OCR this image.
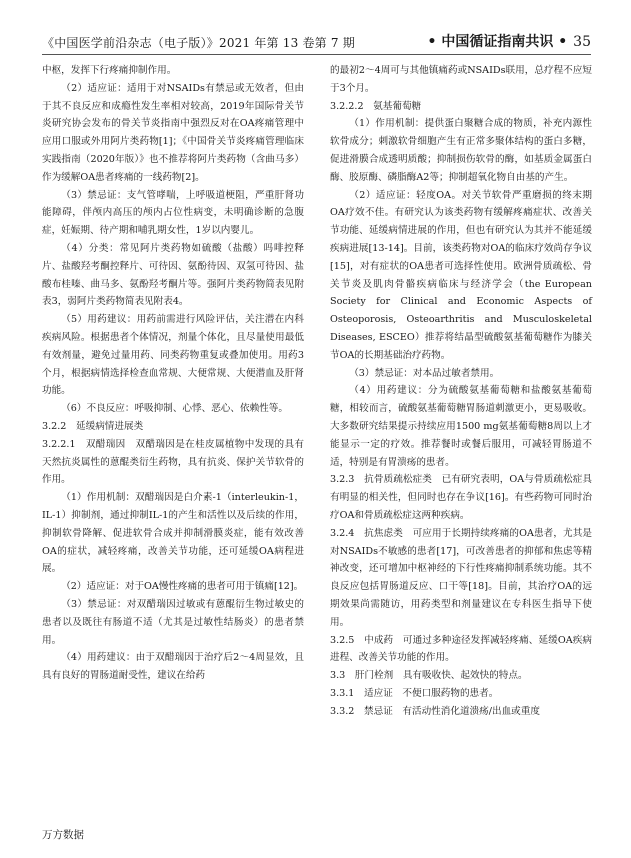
《中国医学前沿杂志（电子版）》2021 年第 13 卷第 7 期	• 中国循证指南共识 • 35

中枢，发挥下行疼痛抑制作用。

（2）适应证：适用于对NSAIDs有禁忌或无效者，但由于其不良反应和成瘾性发生率相对较高，2019年国际骨关节炎研究协会发布的骨关节炎指南中强烈反对在OA疼痛管理中应用口服或外用阿片类药物[1]；《中国骨关节炎疼痛管理临床实践指南（2020年版）》也不推荐将阿片类药物（含曲马多）作为缓解OA患者疼痛的一线药物[2]。

（3）禁忌证：支气管哮喘，上呼吸道梗阻，严重肝肾功能障碍，伴颅内高压的颅内占位性病变，未明确诊断的急腹症，妊娠期、待产期和哺乳期女性，1岁以内婴儿。

（4）分类：常见阿片类药物如硫酸（盐酸）吗啡控释片、盐酸羟考酮控释片、可待因、氨酚待因、双氢可待因、盐酸布桂嗪、曲马多、氨酚羟考酮片等。强阿片类药物简表见附表3，弱阿片类药物简表见附表4。

（5）用药建议：用药前需进行风险评估，关注潜在内科疾病风险。根据患者个体情况，剂量个体化，且尽量使用最低有效剂量，避免过量用药、同类药物重复或叠加使用。用药3个月，根据病情选择检查血常规、大便常规、大便潜血及肝肾功能。

（6）不良反应：呼吸抑制、心悸、恶心、依赖性等。

3.2.2　延缓病情进展类

3.2.2.1　双醋瑞因　双醋瑞因是在桂皮属植物中发现的具有天然抗炎属性的蒽醌类衍生药物，具有抗炎、保护关节软骨的作用。

（1）作用机制：双醋瑞因是白介素-1（interleukin-1，IL-1）抑制剂，通过抑制IL-1的产生和活性以及后续的作用，抑制软骨降解、促进软骨合成并抑制滑膜炎症，能有效改善OA的症状，减轻疼痛，改善关节功能，还可延缓OA病程进展。

（2）适应证：对于OA慢性疼痛的患者可用于镇痛[12]。

（3）禁忌证：对双醋瑞因过敏或有蒽醌衍生物过敏史的患者以及既往有肠道不适（尤其是过敏性结肠炎）的患者禁用。

（4）用药建议：由于双醋瑞因于治疗后2～4周显效，且具有良好的胃肠道耐受性，建议在给药

的最初2～4周可与其他镇痛药或NSAIDs联用，总疗程不应短于3个月。

3.2.2.2　氨基葡萄糖

（1）作用机制：提供蛋白聚糖合成的物质，补充内源性软骨成分；刺激软骨细胞产生有正常多聚体结构的蛋白多糖，促进滑膜合成透明质酸；抑制损伤软骨的酶，如基质金属蛋白酶、胶原酶、磷脂酶A2等；抑制超氧化物自由基的产生。

（2）适应证：轻度OA。对关节软骨严重磨损的终末期OA疗效不佳。有研究认为该类药物有缓解疼痛症状、改善关节功能、延缓病情进展的作用，但也有研究认为其并不能延缓疾病进展[13-14]。目前，该类药物对OA的临床疗效尚存争议[15]，对有症状的OA患者可选择性使用。欧洲骨质疏松、骨关节炎及肌肉骨骼疾病临床与经济学会（the European Society for Clinical and Economic Aspects of Osteoporosis, Osteoarthritis and Musculoskeletal Diseases, ESCEO）推荐将结晶型硫酸氨基葡萄糖作为膝关节OA的长期基础治疗药物。

（3）禁忌证：对本品过敏者禁用。

（4）用药建议：分为硫酸氨基葡萄糖和盐酸氨基葡萄糖，相较而言，硫酸氨基葡萄糖胃肠道刺激更小，更易吸收。大多数研究结果提示持续应用1500 mg氨基葡萄糖8周以上才能显示一定的疗效。推荐餐时或餐后服用，可减轻胃肠道不适，特别是有胃溃疡的患者。

3.2.3　抗骨质疏松症类　已有研究表明，OA与骨质疏松症具有明显的相关性，但同时也存在争议[16]。有些药物可同时治疗OA和骨质疏松症这两种疾病。

3.2.4　抗焦虑类　可应用于长期持续疼痛的OA患者，尤其是对NSAIDs不敏感的患者[17]，可改善患者的抑郁和焦虑等精神改变，还可增加中枢神经的下行性疼痛抑制系统功能。其不良反应包括胃肠道反应、口干等[18]。目前，其治疗OA的远期效果尚需随访，用药类型和剂量建议在专科医生指导下使用。

3.2.5　中成药　可通过多种途径发挥减轻疼痛、延缓OA疾病进程、改善关节功能的作用。

3.3　肝门栓剂　具有吸收快、起效快的特点。

3.3.1　适应证　不便口服药物的患者。

3.3.2　禁忌证　有活动性消化道溃疡/出血或重度

万方数据
